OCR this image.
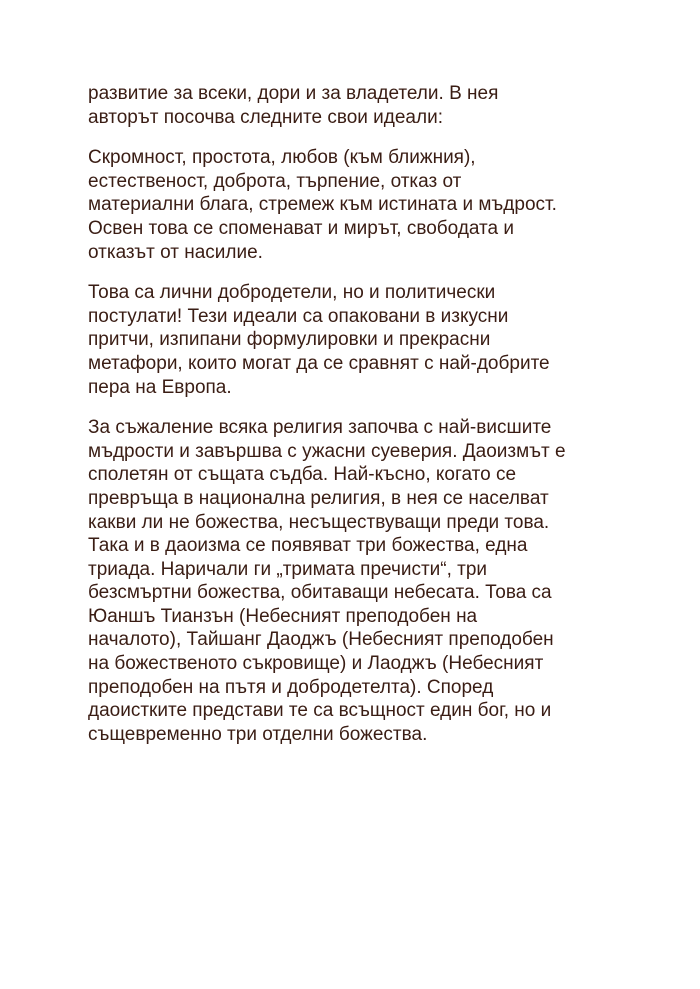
развитие за всеки, дори и за владетели. В нея
авторът посочва следните свои идеали:

Скромност, простота, любов (към ближния),
естественост, доброта, търпение, отказ от
материални блага, стремеж към истината и мъдрост.
Освен това се споменават и мирът, свободата и
отказът от насилие.

Това са лични добродетели, но и политически
постулати! Тези идеали са опаковани в изкусни
притчи, изпипани формулировки и прекрасни
метафори, които могат да се сравнят с най-добрите
пера на Европа.

За съжаление всяка религия започва с най-висшите
мъдрости и завършва с ужасни суеверия. Даоизмът е
сполетян от същата съдба. Най-късно, когато се
превръща в национална религия, в нея се населват
какви ли не божества, несъществуващи преди това.
Така и в даоизма се появяват три божества, една
триада. Наричали ги „тримата пречисти“, три
безсмъртни божества, обитаващи небесата. Това са
Юаншъ Тианзън (Небесният преподобен на
началото), Тайшанг Даоджъ (Небесният преподобен
на божественото съкровище) и Лаоджъ (Небесният
преподобен на пътя и добродетелта). Според
даоистките представи те са всъщност един бог, но и
същевременно три отделни божества.
